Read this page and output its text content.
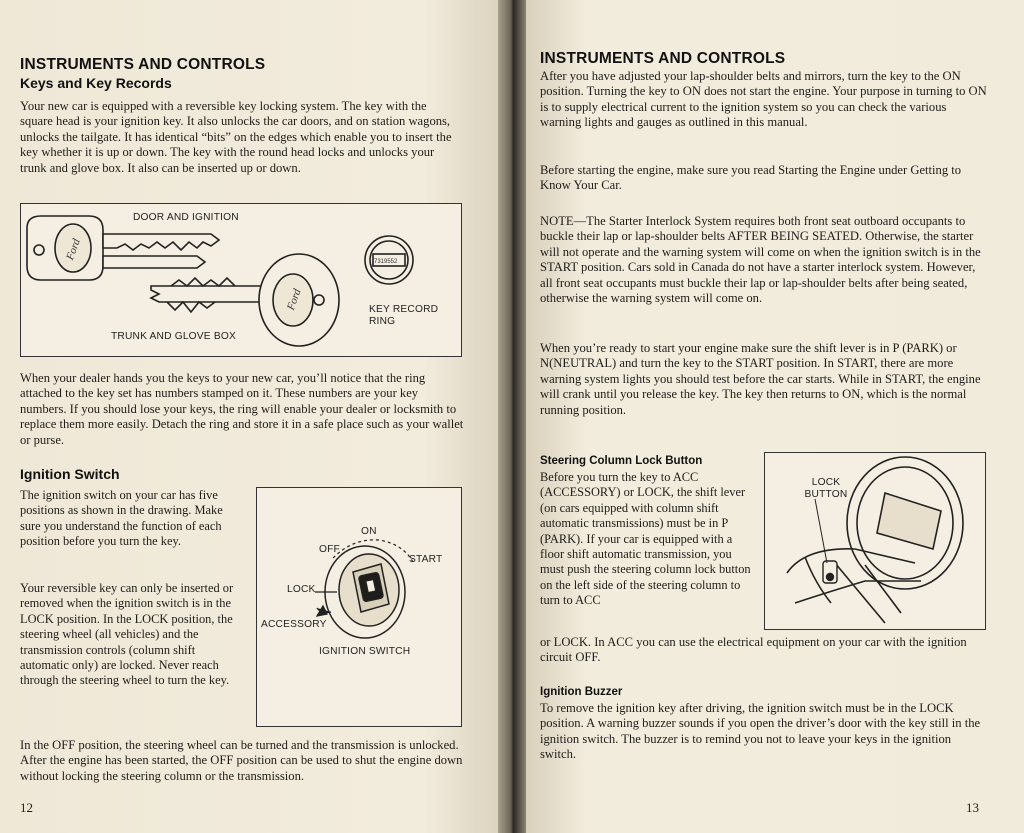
INSTRUMENTS AND CONTROLS
Keys and Key Records
Your new car is equipped with a reversible key locking system. The key with the square head is your ignition key. It also unlocks the car doors, and on station wagons, unlocks the tailgate. It has identical “bits” on the edges which enable you to insert the key whether it is up or down. The key with the round head locks and unlocks your trunk and glove box. It also can be inserted up or down.
7319552
Ford
Ford
DOOR AND IGNITION
TRUNK AND GLOVE BOX
KEY RECORD RING
When your dealer hands you the keys to your new car, you’ll notice that the ring attached to the key set has numbers stamped on it. These numbers are your key numbers. If you should lose your keys, the ring will enable your dealer or locksmith to replace them more easily. Detach the ring and store it in a safe place such as your wallet or purse.
Ignition Switch
The ignition switch on your car has five positions as shown in the drawing. Make sure you understand the function of each position before you turn the key.
Your reversible key can only be inserted or removed when the ignition switch is in the LOCK position. In the LOCK position, the steering wheel (all vehicles) and the transmission controls (column shift automatic only) are locked. Never reach through the steering wheel to turn the key.
ON
OFF
START
LOCK
ACCESSORY
IGNITION SWITCH
In the OFF position, the steering wheel can be turned and the transmission is unlocked. After the engine has been started, the OFF position can be used to shut the engine down without locking the steering column or the transmission.
12
INSTRUMENTS AND CONTROLS
After you have adjusted your lap-shoulder belts and mirrors, turn the key to the ON position. Turning the key to ON does not start the engine. Your purpose in turning to ON is to supply electrical current to the ignition system so you can check the various warning lights and gauges as outlined in this manual.
Before starting the engine, make sure you read Starting the Engine under Getting to Know Your Car.
NOTE—The Starter Interlock System requires both front seat outboard occupants to buckle their lap or lap-shoulder belts AFTER BEING SEATED. Otherwise, the starter will not operate and the warning system will come on when the ignition switch is in the START position. Cars sold in Canada do not have a starter interlock system. However, all front seat occupants must buckle their lap or lap-shoulder belts after being seated, otherwise the warning system will come on.
When you’re ready to start your engine make sure the shift lever is in P (PARK) or N(NEUTRAL) and turn the key to the START position. In START, there are more warning system lights you should test before the car starts. While in START, the engine will crank until you release the key. The key then returns to ON, which is the normal running position.
Steering Column Lock Button
Before you turn the key to ACC (ACCESSORY) or LOCK, the shift lever (on cars equipped with column shift automatic transmissions) must be in P (PARK). If your car is equipped with a floor shift automatic transmission, you must push the steering column lock button on the left side of the steering column to turn to ACC
LOCK BUTTON
or LOCK. In ACC you can use the electrical equipment on your car with the ignition circuit OFF.
Ignition Buzzer
To remove the ignition key after driving, the ignition switch must be in the LOCK position. A warning buzzer sounds if you open the driver’s door with the key still in the ignition switch. The buzzer is to remind you not to leave your keys in the ignition switch.
13
